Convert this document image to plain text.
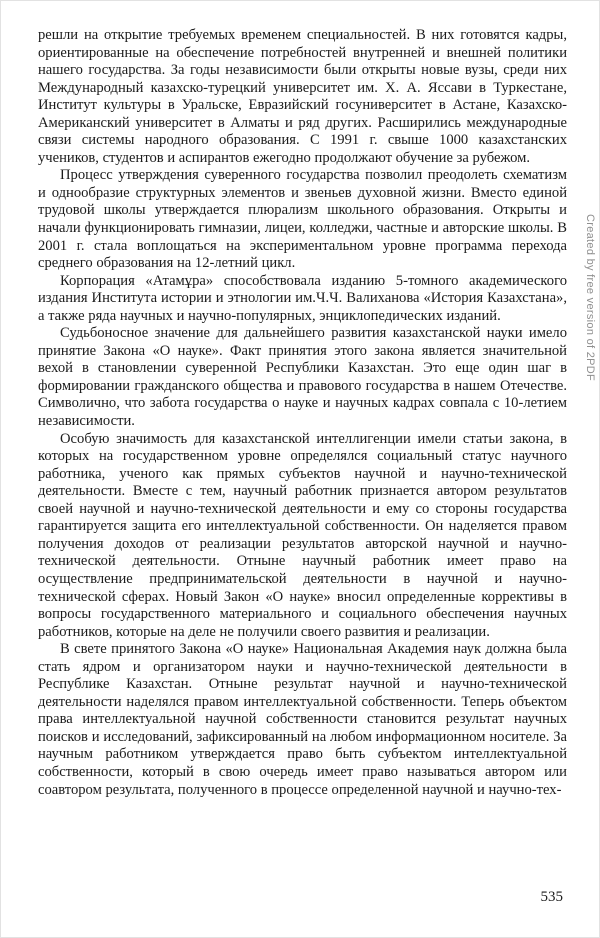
решли на открытие требуемых временем специальностей. В них готовятся кадры, ориентированные на обеспечение потребностей внутренней и внешней политики нашего государства. За годы независимости были открыты новые вузы, среди них Международный казахско-турецкий университет им. Х. А. Яссави в Туркестане, Институт культуры в Уральске, Евразийский госуниверситет в Астане, Казахско-Американский университет в Алматы и ряд других. Расширились международные связи системы народного образования. С 1991 г. свыше 1000 казахстанских учеников, студентов и аспирантов ежегодно продолжают обучение за рубежом.

Процесс утверждения суверенного государства позволил преодолеть схематизм и однообразие структурных элементов и звеньев духовной жизни. Вместо единой трудовой школы утверждается плюрализм школьного образования. Открыты и начали функционировать гимназии, лицеи, колледжи, частные и авторские школы. В 2001 г. стала воплощаться на экспериментальном уровне программа перехода среднего образования на 12-летний цикл.

Корпорация «Атамұра» способствовала изданию 5-томного академического издания Института истории и этнологии им.Ч.Ч. Валиханова «История Казахстана», а также ряда научных и научно-популярных, энциклопедических изданий.

Судьбоносное значение для дальнейшего развития казахстанской науки имело принятие Закона «О науке». Факт принятия этого закона является значительной вехой в становлении суверенной Республики Казахстан. Это еще один шаг в формировании гражданского общества и правового государства в нашем Отечестве. Символично, что забота государства о науке и научных кадрах совпала с 10-летием независимости.

Особую значимость для казахстанской интеллигенции имели статьи закона, в которых на государственном уровне определялся социальный статус научного работника, ученого как прямых субъектов научной и научно-технической деятельности. Вместе с тем, научный работник признается автором результатов своей научной и научно-технической деятельности и ему со стороны государства гарантируется защита его интеллектуальной собственности. Он наделяется правом получения доходов от реализации результатов авторской научной и научно-технической деятельности. Отныне научный работник имеет право на осуществление предпринимательской деятельности в научной и научно-технической сферах. Новый Закон «О науке» вносил определенные коррективы в вопросы государственного материального и социального обеспечения научных работников, которые на деле не получили своего развития и реализации.

В свете принятого Закона «О науке» Национальная Академия наук должна была стать ядром и организатором науки и научно-технической деятельности в Республике Казахстан. Отныне результат научной и научно-технической деятельности наделялся правом интеллектуальной собственности. Теперь объектом права интеллектуальной научной собственности становится результат научных поисков и исследований, зафиксированный на любом информационном носителе. За научным работником утверждается право быть субъектом интеллектуальной собственности, который в свою очередь имеет право называться автором или соавтором результата, полученного в процессе определенной научной и научно-тех-

Created by free version of 2PDF
535
